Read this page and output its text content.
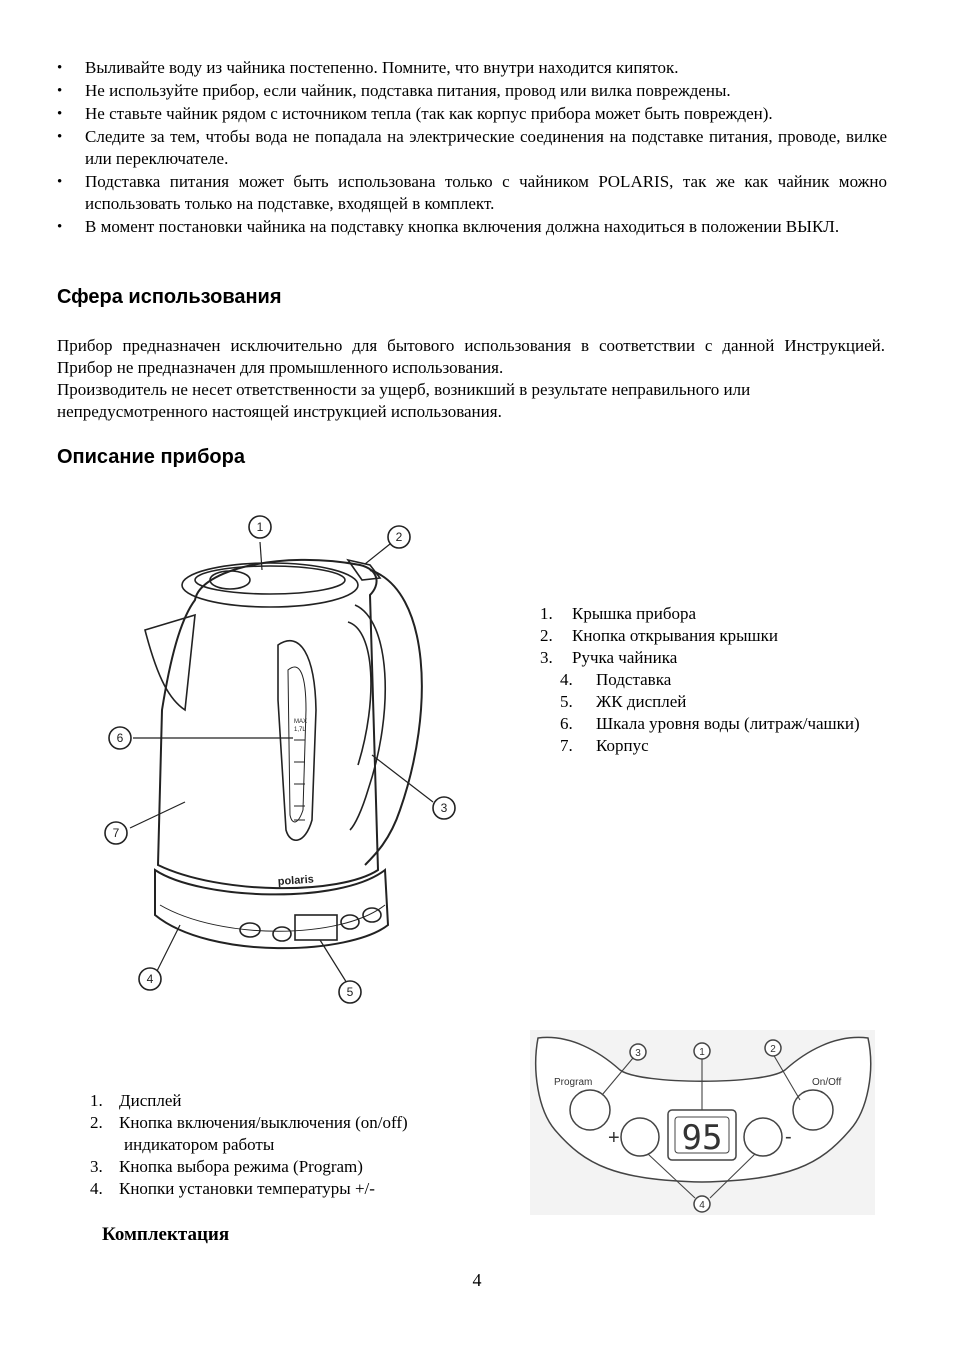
• Выливайте воду из чайника постепенно. Помните, что внутри находится кипяток.
• Не используйте прибор, если чайник, подставка питания, провод или вилка повреждены.
• Не ставьте чайник рядом с источником тепла (так как корпус прибора может быть поврежден).
• Следите за тем, чтобы вода не попадала на электрические соединения на подставке питания, проводе, вилке или переключателе.
• Подставка питания может быть использована только с чайником POLARIS, так же как чайник можно использовать только на подставке, входящей в комплект.
• В момент постановки чайника на подставку кнопка включения должна находиться в положении ВЫКЛ.
Сфера использования

Прибор предназначен исключительно для бытового использования в соответствии с данной Инструкцией. Прибор не предназначен для промышленного использования.

Производитель не несет ответственности за ущерб, возникший в результате неправильного или непредусмотренного настоящей инструкцией использования.

Описание прибора
MAX
1,7L
polaris
1
2
3
4
5
6
7
1.	Крышка прибора
2.	Кнопка открывания крышки
3.	Ручка чайника
4.	Подставка
5.	ЖК дисплей
6.	Шкала уровня воды (литраж/чашки)
7.	Корпус
1. Дисплей
2. Кнопка включения/выключения (on/off)
индикатором работы
3. Кнопка выбора режима (Program)
4. Кнопки установки температуры +/-
95
Program	On/Off
+	-
1	2
3
4
Комплектация
4
